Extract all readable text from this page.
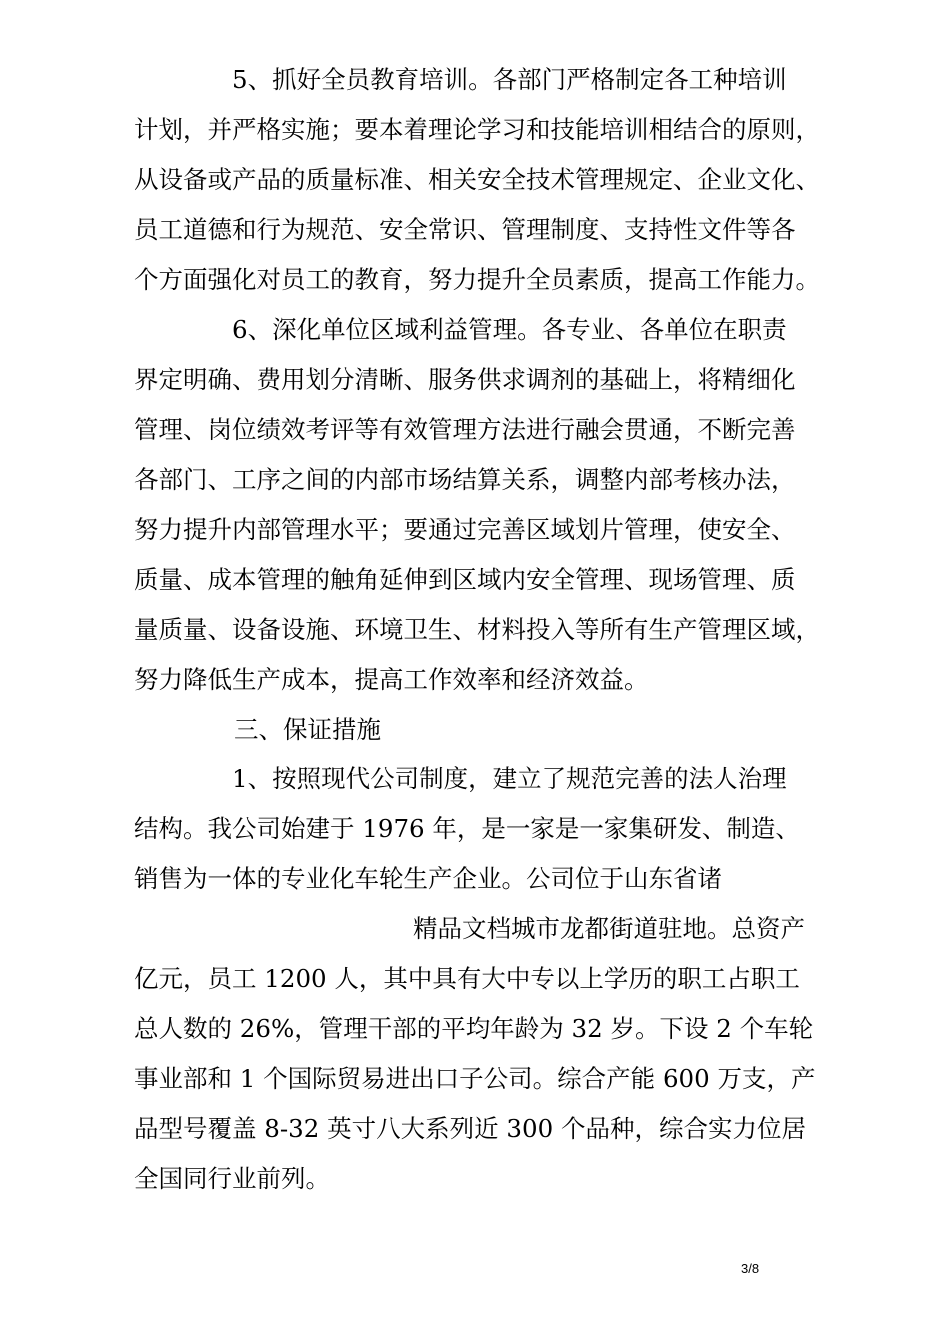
5、抓好全员教育培训。各部门严格制定各工种培训
计划，并严格实施；要本着理论学习和技能培训相结合的原则，
从设备或产品的质量标准、相关安全技术管理规定、企业文化、
员工道德和行为规范、安全常识、管理制度、支持性文件等各
个方面强化对员工的教育，努力提升全员素质，提高工作能力。
6、深化单位区域利益管理。各专业、各单位在职责
界定明确、费用划分清晰、服务供求调剂的基础上，将精细化
管理、岗位绩效考评等有效管理方法进行融会贯通，不断完善
各部门、工序之间的内部市场结算关系，调整内部考核办法，
努力提升内部管理水平；要通过完善区域划片管理，使安全、
质量、成本管理的触角延伸到区域内安全管理、现场管理、质
量质量、设备设施、环境卫生、材料投入等所有生产管理区域，
努力降低生产成本，提高工作效率和经济效益。
三、保证措施
1、按照现代公司制度，建立了规范完善的法人治理
结构。我公司始建于 1976 年，是一家是一家集研发、制造、
销售为一体的专业化车轮生产企业。公司位于山东省诸
精品文档城市龙都街道驻地。总资产
亿元，员工 1200 人，其中具有大中专以上学历的职工占职工
总人数的 26%，管理干部的平均年龄为 32 岁。下设 2 个车轮
事业部和 1 个国际贸易进出口子公司。综合产能 600 万支，产
品型号覆盖 8-32 英寸八大系列近 300 个品种，综合实力位居
全国同行业前列。
3/8
